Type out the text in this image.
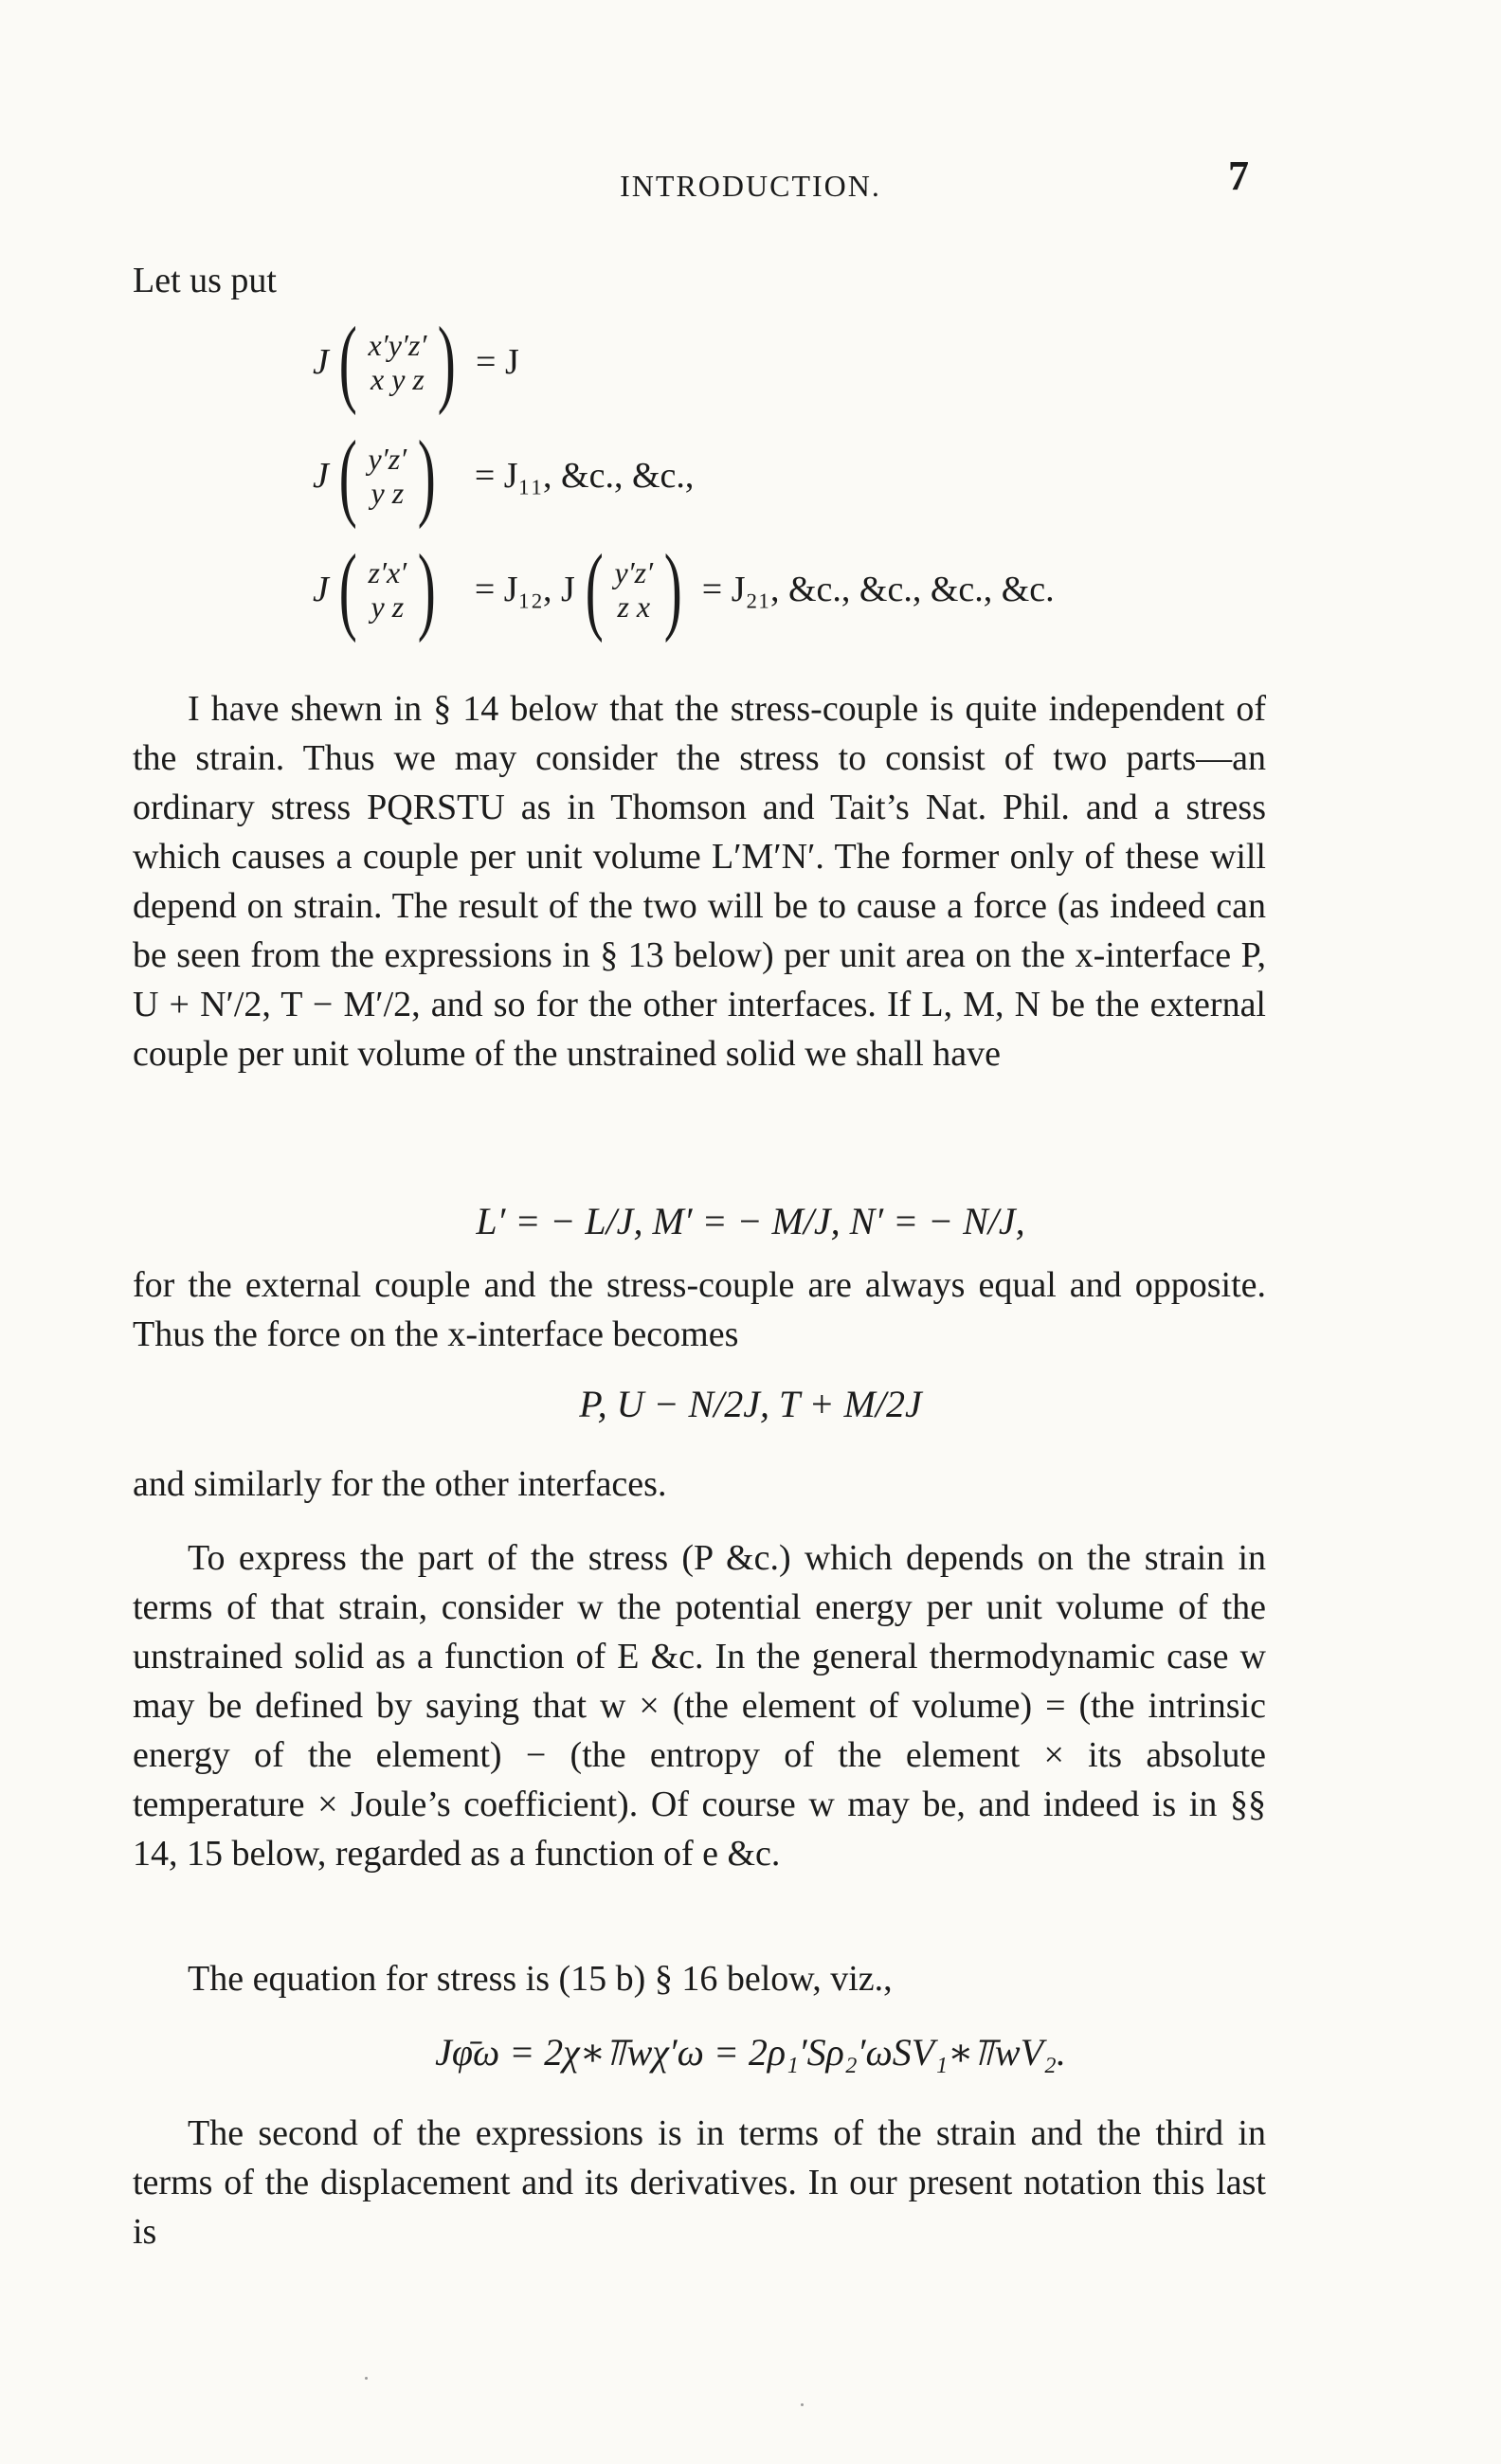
INTRODUCTION.	7
Let us put
J ( x′y′z′
x y z ) = J
J ( y′z′
y z ) = J₁₁, &c., &c.,
J ( z′x′
y z ) = J₁₂, J ( y′z′
z x ) = J₂₁, &c., &c., &c., &c.
I have shewn in § 14 below that the stress-couple is quite independent of the strain. Thus we may consider the stress to consist of two parts—an ordinary stress PQRSTU as in Thomson and Tait’s Nat. Phil. and a stress which causes a couple per unit volume L′M′N′. The former only of these will depend on strain. The result of the two will be to cause a force (as indeed can be seen from the expressions in § 13 below) per unit area on the x-interface P, U + N′/2, T − M′/2, and so for the other interfaces. If L, M, N be the external couple per unit volume of the unstrained solid we shall have
L′ = − L/J, M′ = − M/J, N′ = − N/J,
for the external couple and the stress-couple are always equal and opposite. Thus the force on the x-interface becomes
P, U − N/2J, T + M/2J
and similarly for the other interfaces.
To express the part of the stress (P &c.) which depends on the strain in terms of that strain, consider w the potential energy per unit volume of the unstrained solid as a function of E &c. In the general thermodynamic case w may be defined by saying that w × (the element of volume) = (the intrinsic energy of the element) − (the entropy of the element × its absolute temperature × Joule’s coefficient). Of course w may be, and indeed is in §§ 14, 15 below, regarded as a function of e &c.
The equation for stress is (15 b) § 16 below, viz.,
Jφ̄ω = 2χ∗⫪wχ′ω = 2ρ₁′Sρ₂′ωSV₁∗⫪wV₂.
The second of the expressions is in terms of the strain and the third in terms of the displacement and its derivatives. In our present notation this last is
